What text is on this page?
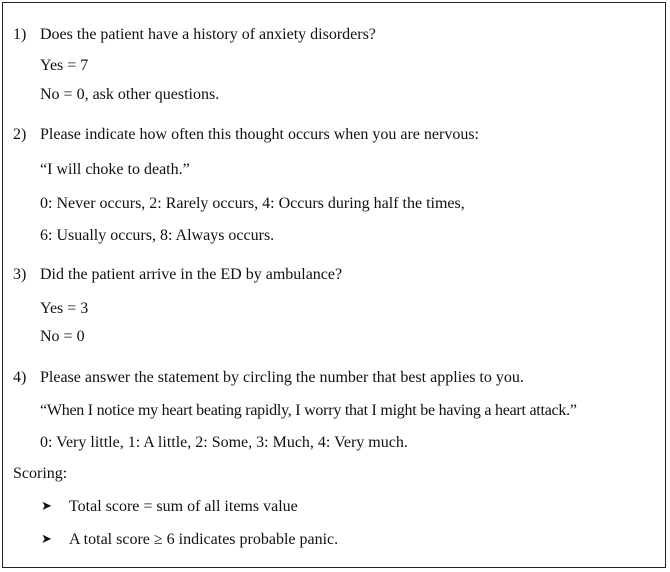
1) Does the patient have a history of anxiety disorders?
Yes = 7
No = 0, ask other questions.
2) Please indicate how often this thought occurs when you are nervous:
“I will choke to death.”
0: Never occurs, 2: Rarely occurs, 4: Occurs during half the times,
6: Usually occurs, 8: Always occurs.
3) Did the patient arrive in the ED by ambulance?
Yes = 3
No = 0
4) Please answer the statement by circling the number that best applies to you.
“When I notice my heart beating rapidly, I worry that I might be having a heart attack.”
0: Very little, 1: A little, 2: Some, 3: Much, 4: Very much.
Scoring:
➤ Total score = sum of all items value
➤ A total score ≥ 6 indicates probable panic.
